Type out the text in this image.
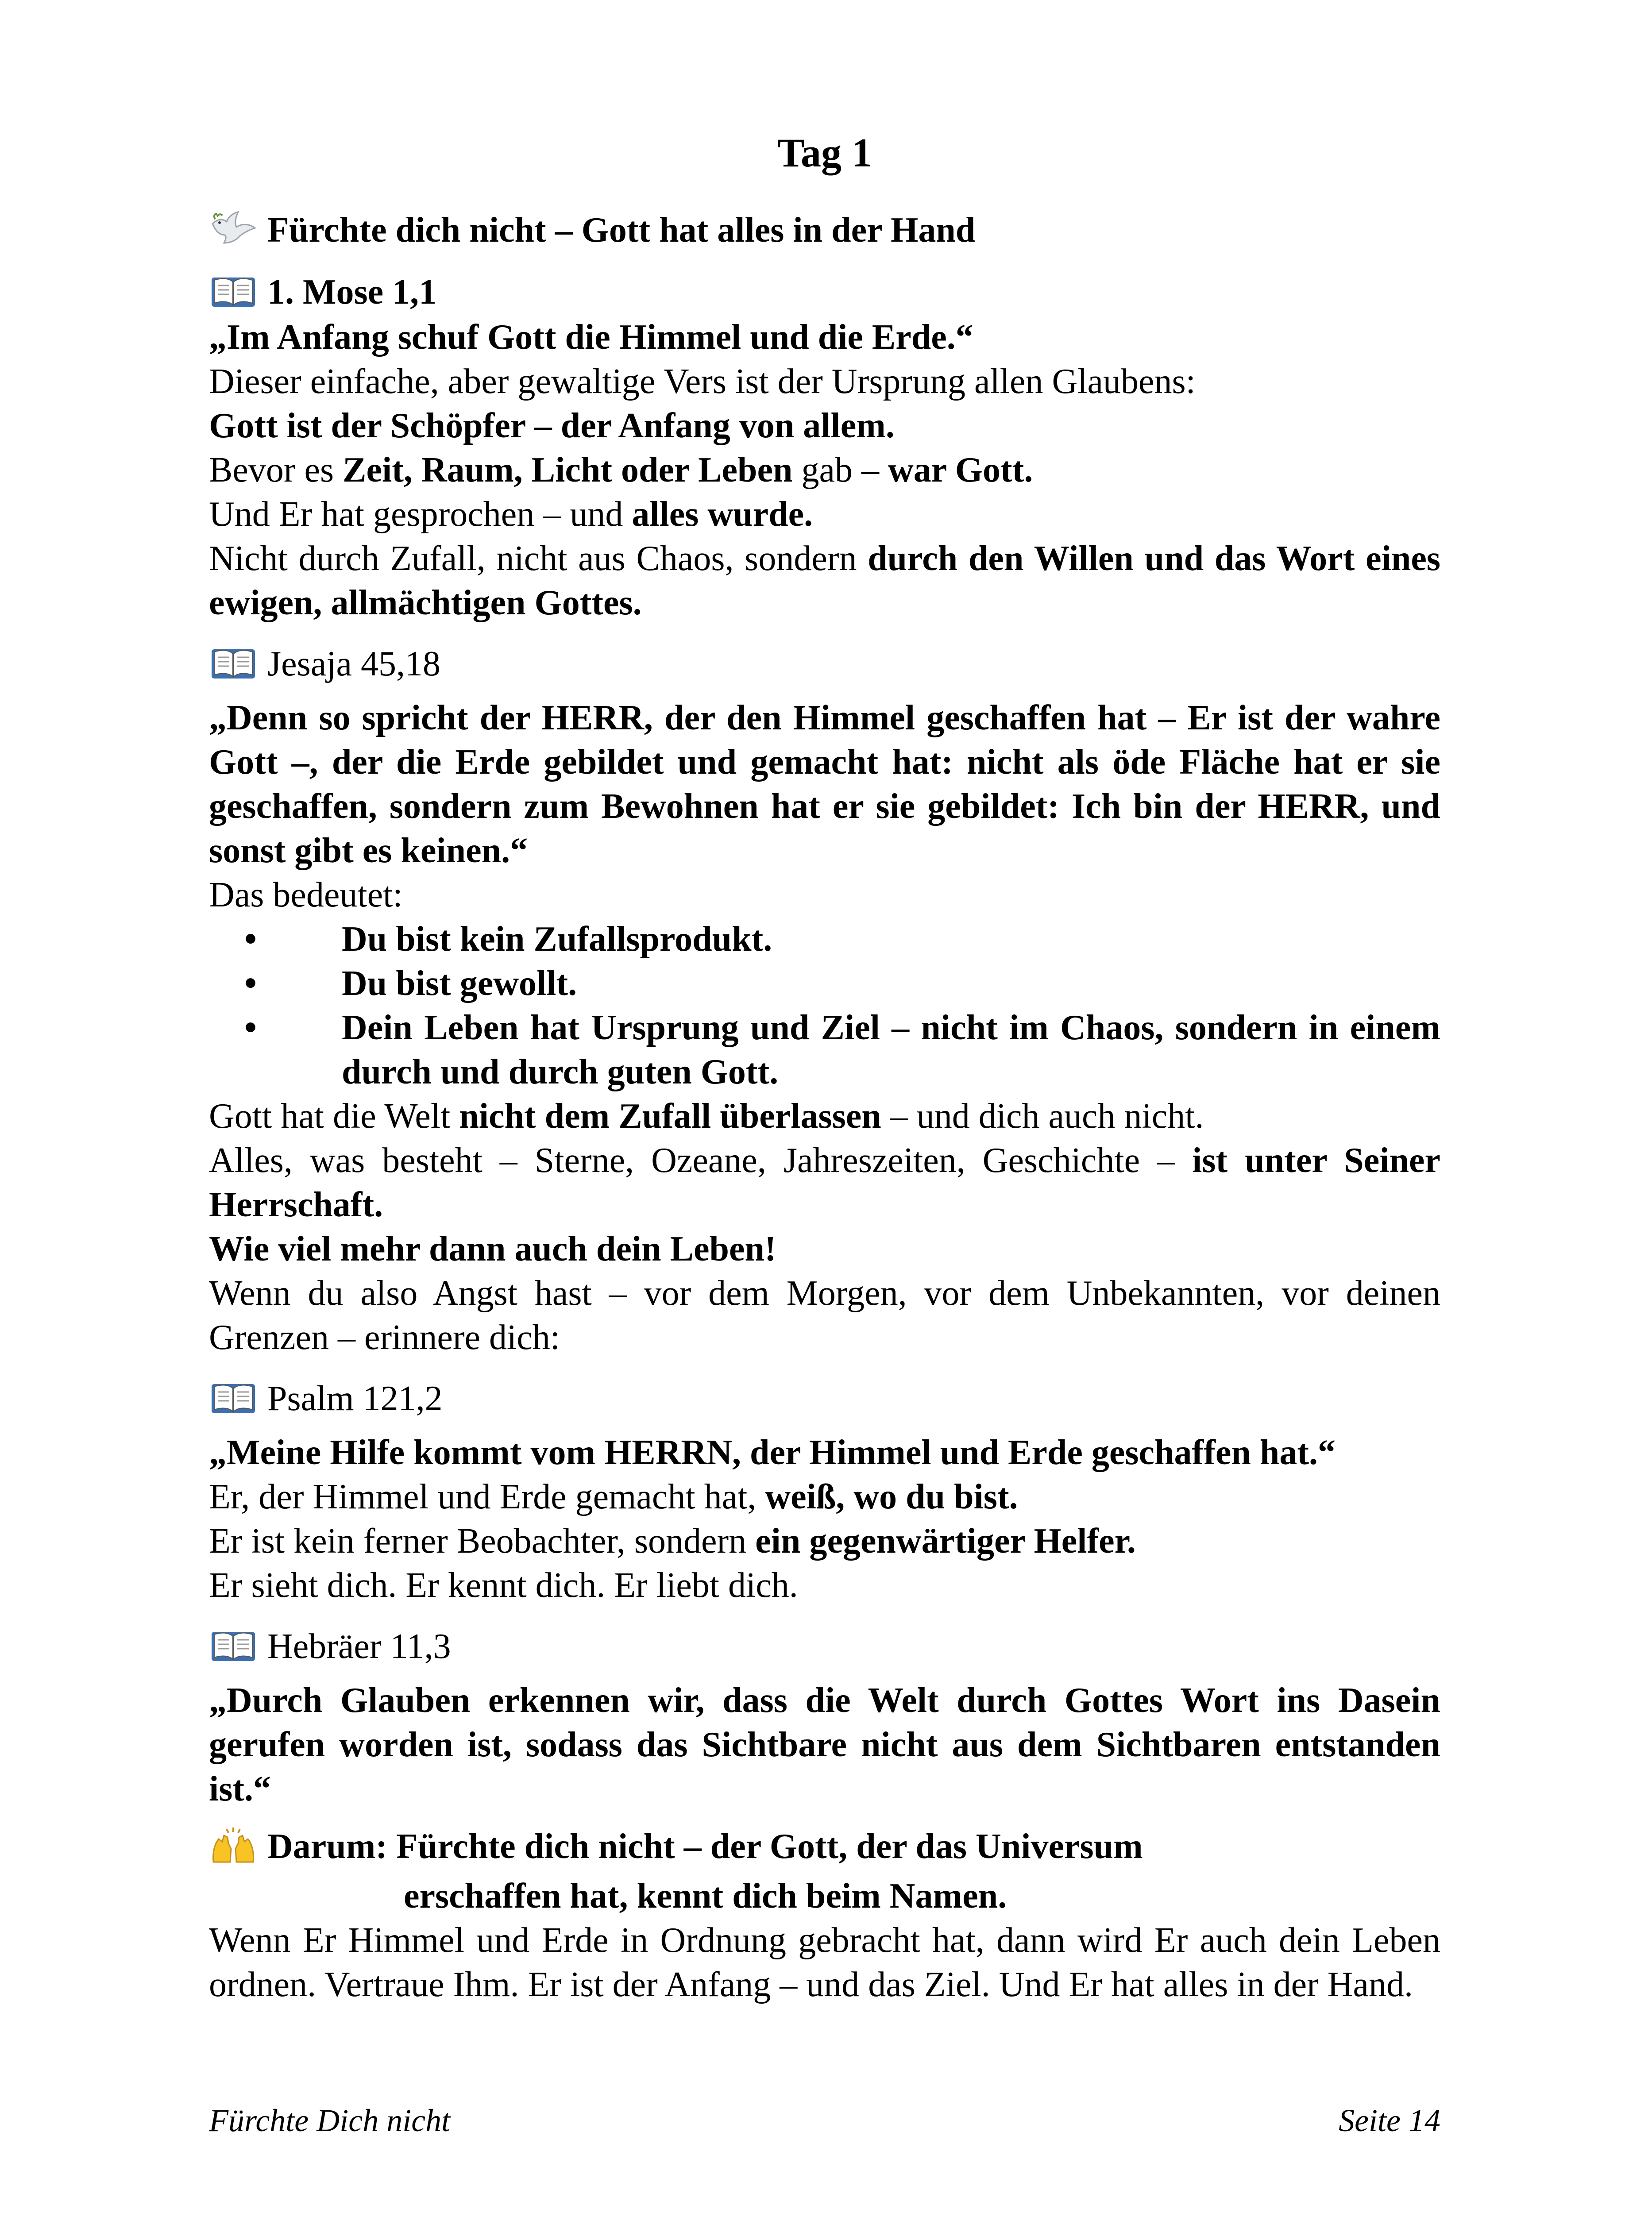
Tag 1
Fürchte dich nicht – Gott hat alles in der Hand
1. Mose 1,1

„Im Anfang schuf Gott die Himmel und die Erde.“

Dieser einfache, aber gewaltige Vers ist der Ursprung allen Glaubens:

Gott ist der Schöpfer – der Anfang von allem.

Bevor es Zeit, Raum, Licht oder Leben gab – war Gott.

Und Er hat gesprochen – und alles wurde.

Nicht durch Zufall, nicht aus Chaos, sondern durch den Willen und das Wort eines ewigen, allmächtigen Gottes.

Jesaja 45,18

„Denn so spricht der HERR, der den Himmel geschaffen hat – Er ist der wahre Gott –, der die Erde gebildet und gemacht hat: nicht als öde Fläche hat er sie geschaffen, sondern zum Bewohnen hat er sie gebildet: Ich bin der HERR, und sonst gibt es keinen.“

Das bedeutet:

• Du bist kein Zufallsprodukt.
• Du bist gewollt.
• Dein Leben hat Ursprung und Ziel – nicht im Chaos, sondern in einem durch und durch guten Gott.

Gott hat die Welt nicht dem Zufall überlassen – und dich auch nicht.

Alles, was besteht – Sterne, Ozeane, Jahreszeiten, Geschichte – ist unter Seiner Herrschaft.

Wie viel mehr dann auch dein Leben!

Wenn du also Angst hast – vor dem Morgen, vor dem Unbekannten, vor deinen Grenzen – erinnere dich:

Psalm 121,2

„Meine Hilfe kommt vom HERRN, der Himmel und Erde geschaffen hat.“

Er, der Himmel und Erde gemacht hat, weiß, wo du bist.

Er ist kein ferner Beobachter, sondern ein gegenwärtiger Helfer.

Er sieht dich. Er kennt dich. Er liebt dich.

Hebräer 11,3

„Durch Glauben erkennen wir, dass die Welt durch Gottes Wort ins Dasein gerufen worden ist, sodass das Sichtbare nicht aus dem Sichtbaren entstanden ist.“

Darum: Fürchte dich nicht – der Gott, der das Universum

erschaffen hat, kennt dich beim Namen.

Wenn Er Himmel und Erde in Ordnung gebracht hat, dann wird Er auch dein Leben ordnen. Vertraue Ihm. Er ist der Anfang – und das Ziel. Und Er hat alles in der Hand.

Fürchte Dich nicht	Seite 14
